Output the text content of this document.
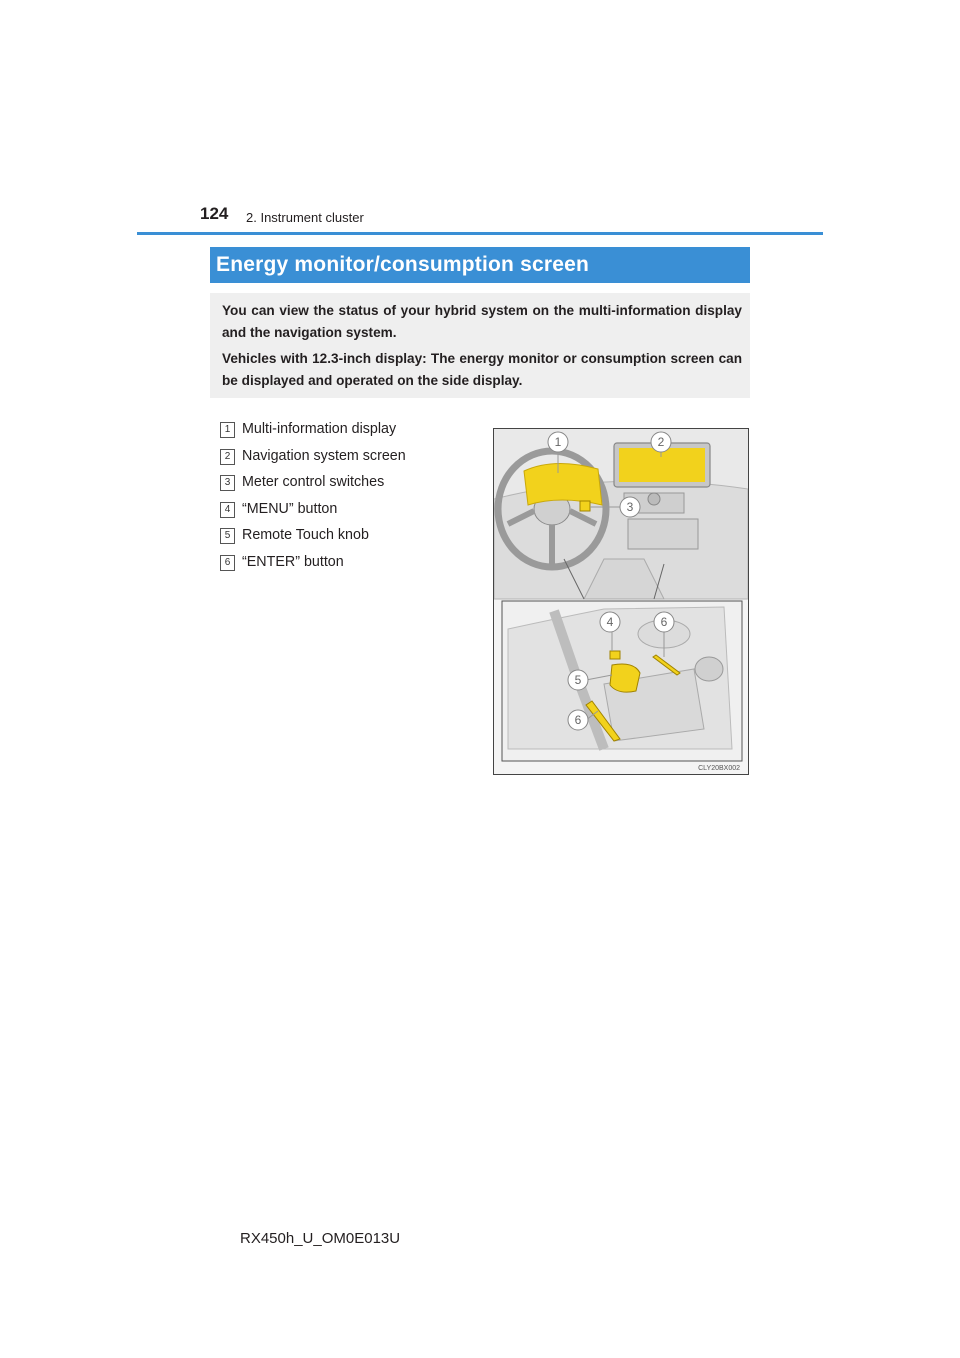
124 2. Instrument cluster
Energy monitor/consumption screen

You can view the status of your hybrid system on the multi-information display and the navigation system.

Vehicles with 12.3-inch display: The energy monitor or consumption screen can be displayed and operated on the side display.

1 Multi-information display
2 Navigation system screen
3 Meter control switches
4 “MENU” button
5 Remote Touch knob
6 “ENTER” button
1	2
3
4	6
5
6
CLY20BX002
RX450h_U_OM0E013U
